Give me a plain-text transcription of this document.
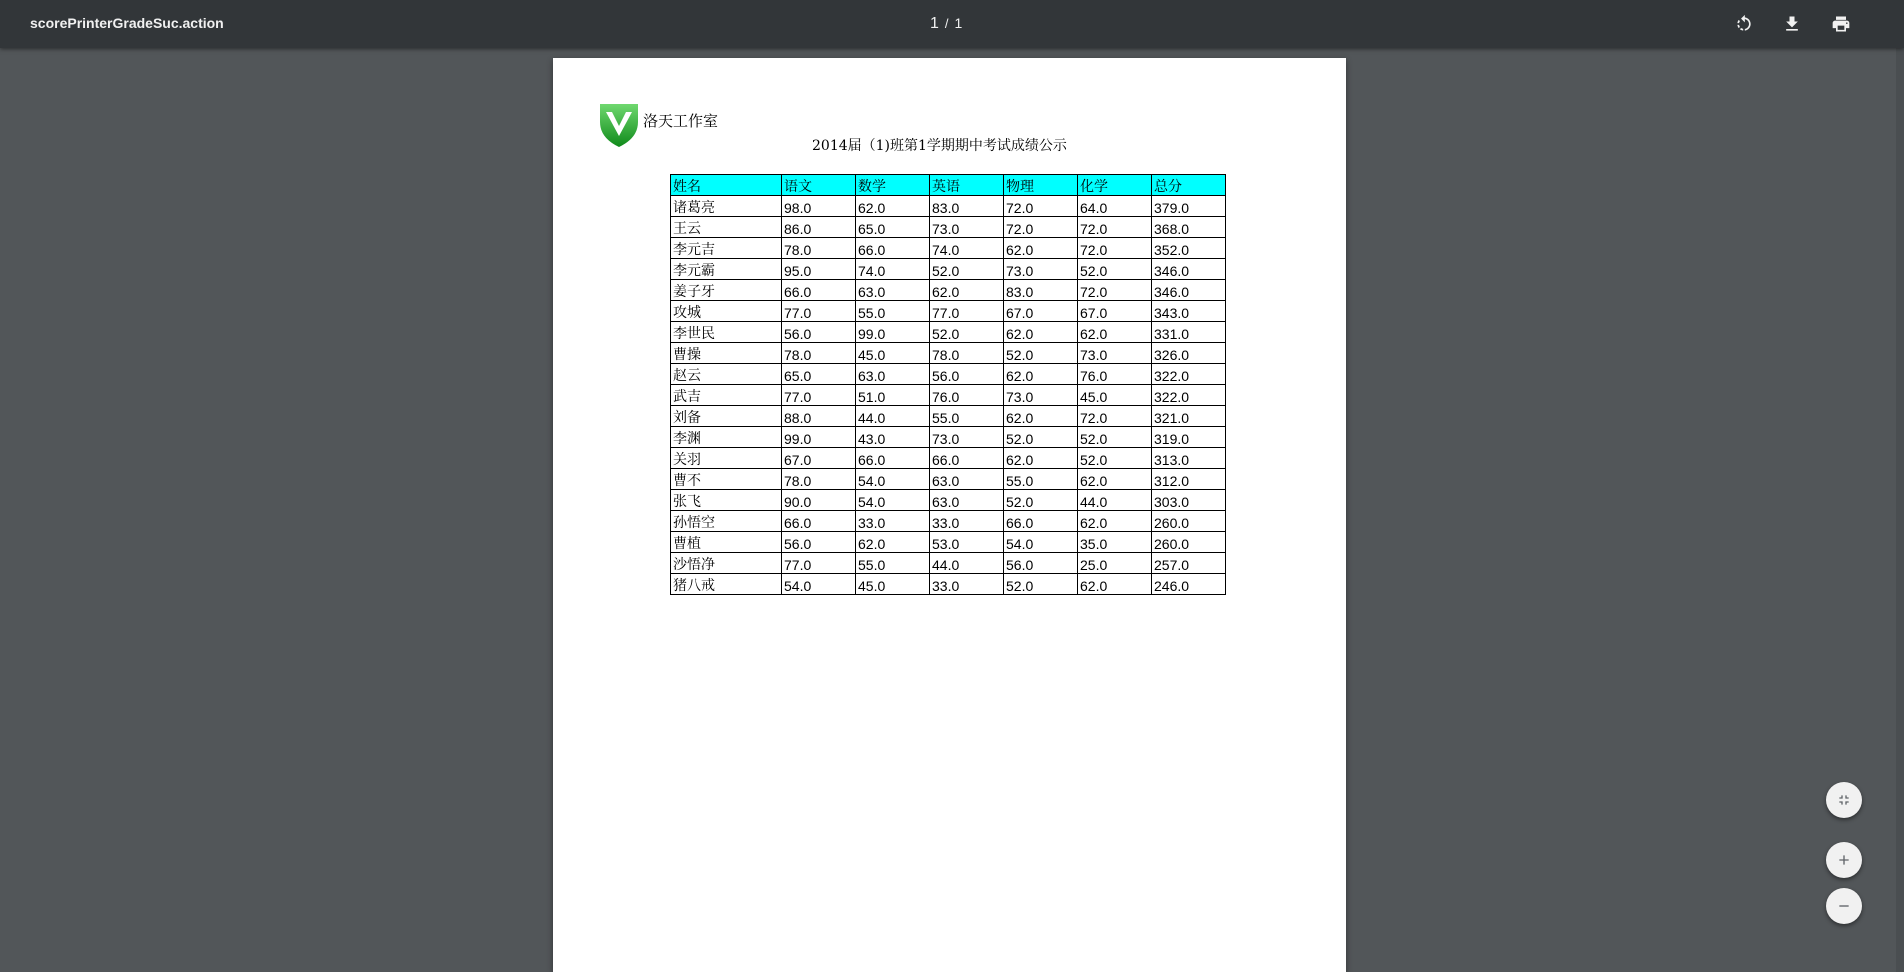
scorePrinterGradeSuc.action	1 / 1
洛天工作室
2014届（1)班第1学期期中考试成绩公示
姓名	语文	数学	英语	物理	化学	总分
诸葛亮	98.0	62.0	83.0	72.0	64.0	379.0
王云	86.0	65.0	73.0	72.0	72.0	368.0
李元吉	78.0	66.0	74.0	62.0	72.0	352.0
李元霸	95.0	74.0	52.0	73.0	52.0	346.0
姜子牙	66.0	63.0	62.0	83.0	72.0	346.0
攻城	77.0	55.0	77.0	67.0	67.0	343.0
李世民	56.0	99.0	52.0	62.0	62.0	331.0
曹操	78.0	45.0	78.0	52.0	73.0	326.0
赵云	65.0	63.0	56.0	62.0	76.0	322.0
武吉	77.0	51.0	76.0	73.0	45.0	322.0
刘备	88.0	44.0	55.0	62.0	72.0	321.0
李渊	99.0	43.0	73.0	52.0	52.0	319.0
关羽	67.0	66.0	66.0	62.0	52.0	313.0
曹不	78.0	54.0	63.0	55.0	62.0	312.0
张飞	90.0	54.0	63.0	52.0	44.0	303.0
孙悟空	66.0	33.0	33.0	66.0	62.0	260.0
曹植	56.0	62.0	53.0	54.0	35.0	260.0
沙悟净	77.0	55.0	44.0	56.0	25.0	257.0
猪八戒	54.0	45.0	33.0	52.0	62.0	246.0
